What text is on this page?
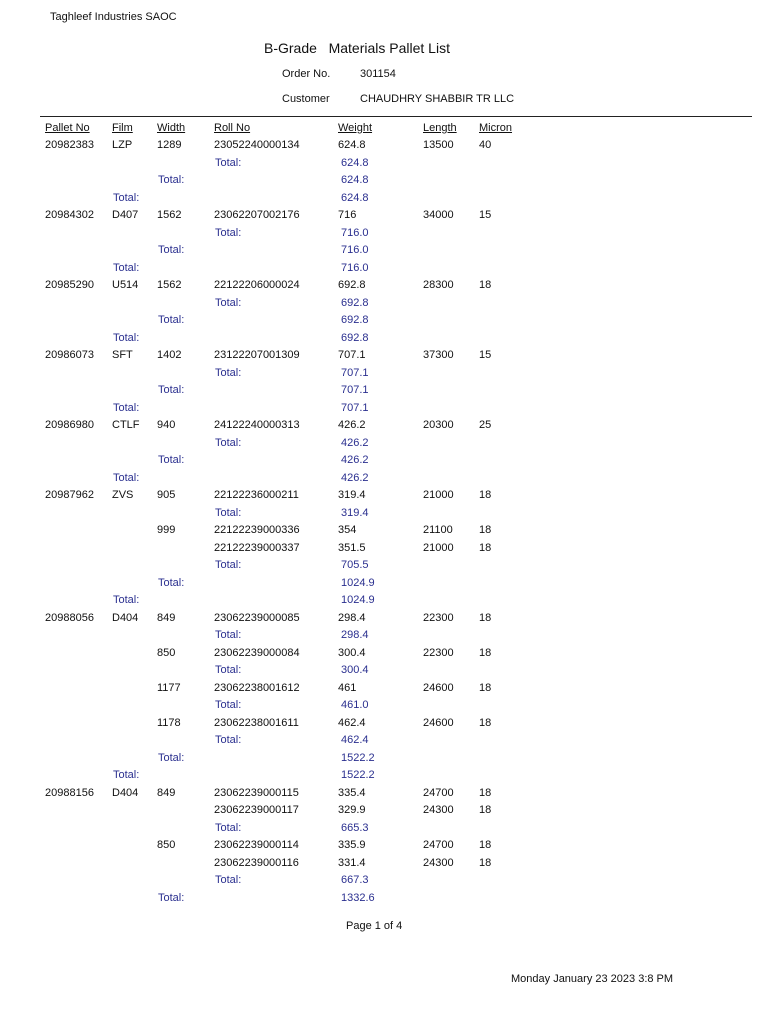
Taghleef Industries SAOC
B-Grade   Materials Pallet List
Order No.	301154
Customer	CHAUDHRY SHABBIR TR LLC
Pallet No Film Width	Roll No	Weight	Length Micron
20982383 LZP 1289	23052240000134	624.8	13500 40
Total:	624.8
Total:	624.8
Total:	624.8
20984302 D407 1562	23062207002176	716	34000 15
Total:	716.0
Total:	716.0
Total:	716.0
20985290 U514 1562	22122206000024	692.8	28300 18
Total:	692.8
Total:	692.8
Total:	692.8
20986073 SFT 1402	23122207001309	707.1	37300 15
Total:	707.1
Total:	707.1
Total:	707.1
20986980 CTLF 940	24122240000313	426.2	20300 25
Total:	426.2
Total:	426.2
Total:	426.2
20987962 ZVS 905	22122236000211	319.4	21000 18
Total:	319.4
999	22122239000336	354	21100 18
22122239000337	351.5	21000 18
Total:	705.5
Total:	1024.9
Total:	1024.9
20988056 D404 849	23062239000085	298.4	22300 18
Total:	298.4
850	23062239000084	300.4	22300 18
Total:	300.4
1177	23062238001612	461	24600 18
Total:	461.0
1178	23062238001611	462.4	24600 18
Total:	462.4
Total:	1522.2
Total:	1522.2
20988156 D404 849	23062239000115	335.4	24700 18
23062239000117	329.9	24300 18
Total:	665.3
850	23062239000114	335.9	24700 18
23062239000116	331.4	24300 18
Total:	667.3
Total:	1332.6
Page 1 of 4
Monday January 23 2023 3:8 PM
